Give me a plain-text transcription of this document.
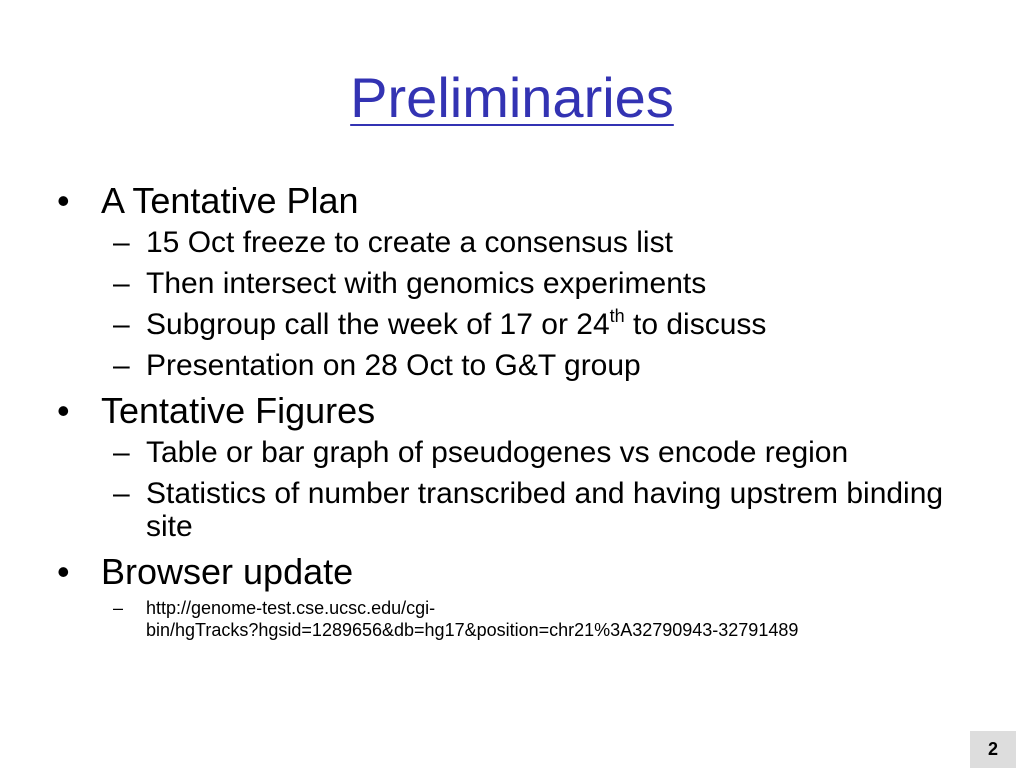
Preliminaries
• A Tentative Plan
– 15 Oct freeze to create a consensus list
– Then intersect with genomics experiments
– Subgroup call the week of 17 or 24th to discuss
– Presentation on 28 Oct to G&T group
• Tentative Figures
– Table or bar graph of pseudogenes vs encode region
– Statistics of number transcribed and having upstrem binding site
• Browser update
– http://genome-test.cse.ucsc.edu/cgi-
bin/hgTracks?hgsid=1289656&db=hg17&position=chr21%3A32790943-32791489
2
